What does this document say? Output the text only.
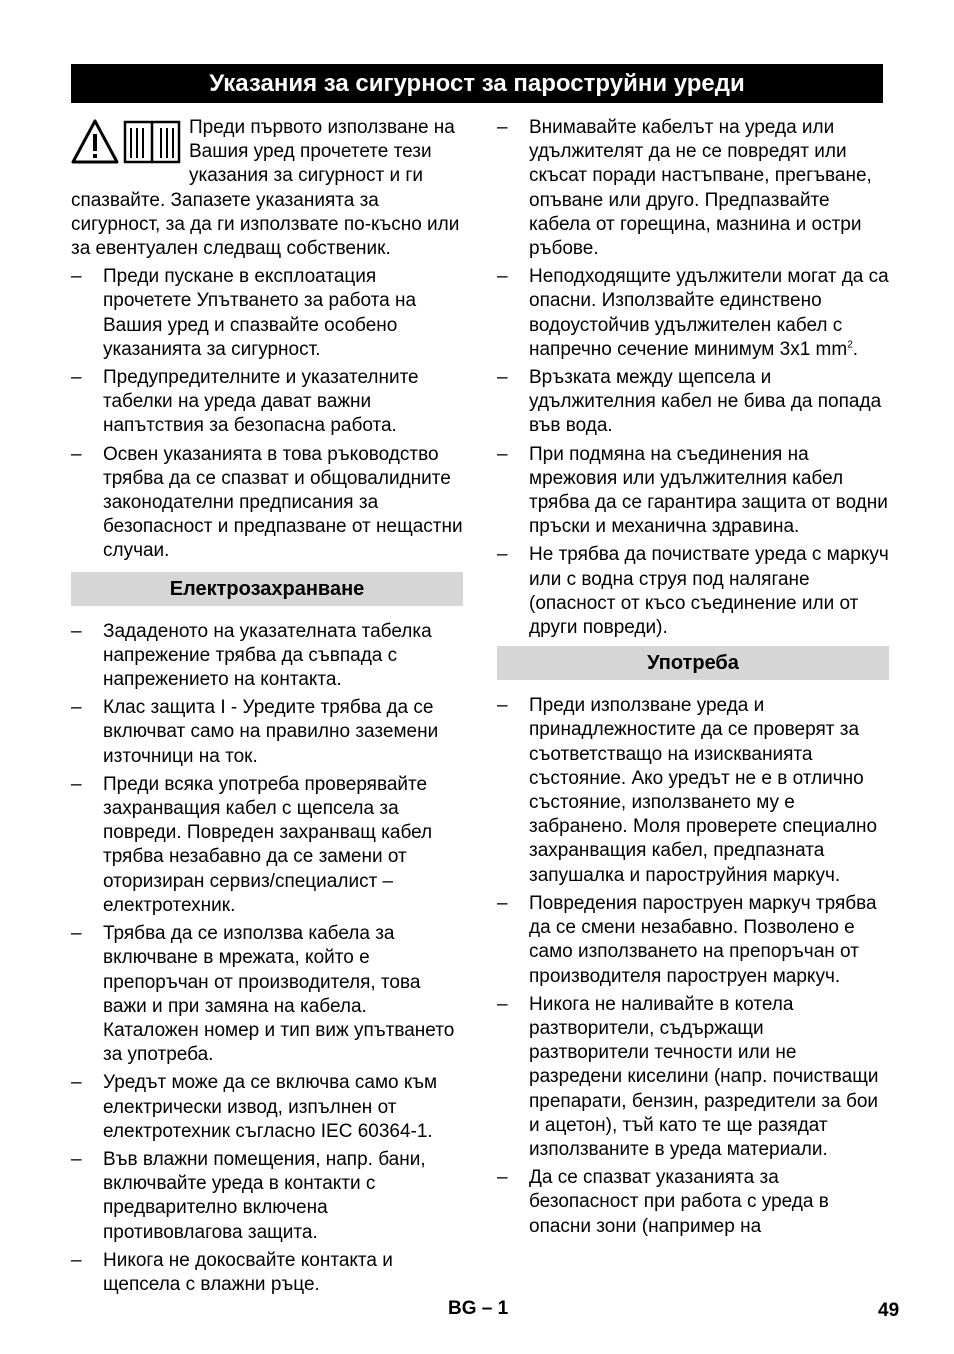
Указания за сигурност за пароструйни уреди
Преди първото използване на Вашия уред прочетете тези указания за сигурност и ги спазвайте. Запазете указанията за сигурност, за да ги използвате по-късно или за евентуален следващ собственик.
– Преди пускане в експлоатация прочетете Упътването за работа на Вашия уред и спазвайте особено указанията за сигурност.
– Предупредителните и указателните табелки на уреда дават важни напътствия за безопасна работа.
– Освен указанията в това ръководство трябва да се спазват и общовалидните законодателни предписания за безопасност и предпазване от нещастни случаи.
Електрозахранване
– Зададеното на указателната табелка напрежение трябва да съвпада с напрежението на контакта.
– Клас защита I - Уредите трябва да се включват само на правилно заземени източници на ток.
– Преди всяка употреба проверявайте захранващия кабел с щепсела за повреди. Повреден захранващ кабел трябва незабавно да се замени от оторизиран сервиз/специалист – електротехник.
– Трябва да се използва кабела за включване в мрежата, който е препоръчан от производителя, това важи и при замяна на кабела. Каталожен номер и тип виж упътването за употреба.
– Уредът може да се включва само към електрически извод, изпълнен от електротехник съгласно IEC 60364-1.
– Във влажни помещения, напр. бани, включвайте уреда в контакти с предварително включена противовлагова защита.
– Никога не докосвайте контакта и щепсела с влажни ръце.
– Внимавайте кабелът на уреда или удължителят да не се повредят или скъсат поради настъпване, прегъване, опъване или друго. Предпазвайте кабела от горещина, мазнина и остри ръбове.
– Неподходящите удължители могат да са опасни. Използвайте единствено водоустойчив удължителен кабел с напречно сечение минимум 3x1 $mm^2$.
– Връзката между щепсела и удължителния кабел не бива да попада във вода.
– При подмяна на съединения на мрежовия или удължителния кабел трябва да се гарантира защита от водни пръски и механична здравина.
– Не трябва да почиствате уреда с маркуч или с водна струя под налягане (опасност от късо съединение или от други повреди).
Употреба
– Преди използване уреда и принадлежностите да се проверят за съответстващо на изискванията състояние. Ако уредът не е в отлично състояние, използването му е забранено. Моля проверете специално захранващия кабел, предпазната запушалка и пароструйния маркуч.
– Повредения пароструен маркуч трябва да се смени незабавно. Позволено е само използването на препоръчан от производителя пароструен маркуч.
– Никога не наливайте в котела разтворители, съдържащи разтворители течности или не разредени киселини (напр. почистващи препарати, бензин, разредители за бои и ацетон), тъй като те ще разядат използваните в уреда материали.
– Да се спазват указанията за безопасност при работа с уреда в опасни зони (например на
BG – 1	49
